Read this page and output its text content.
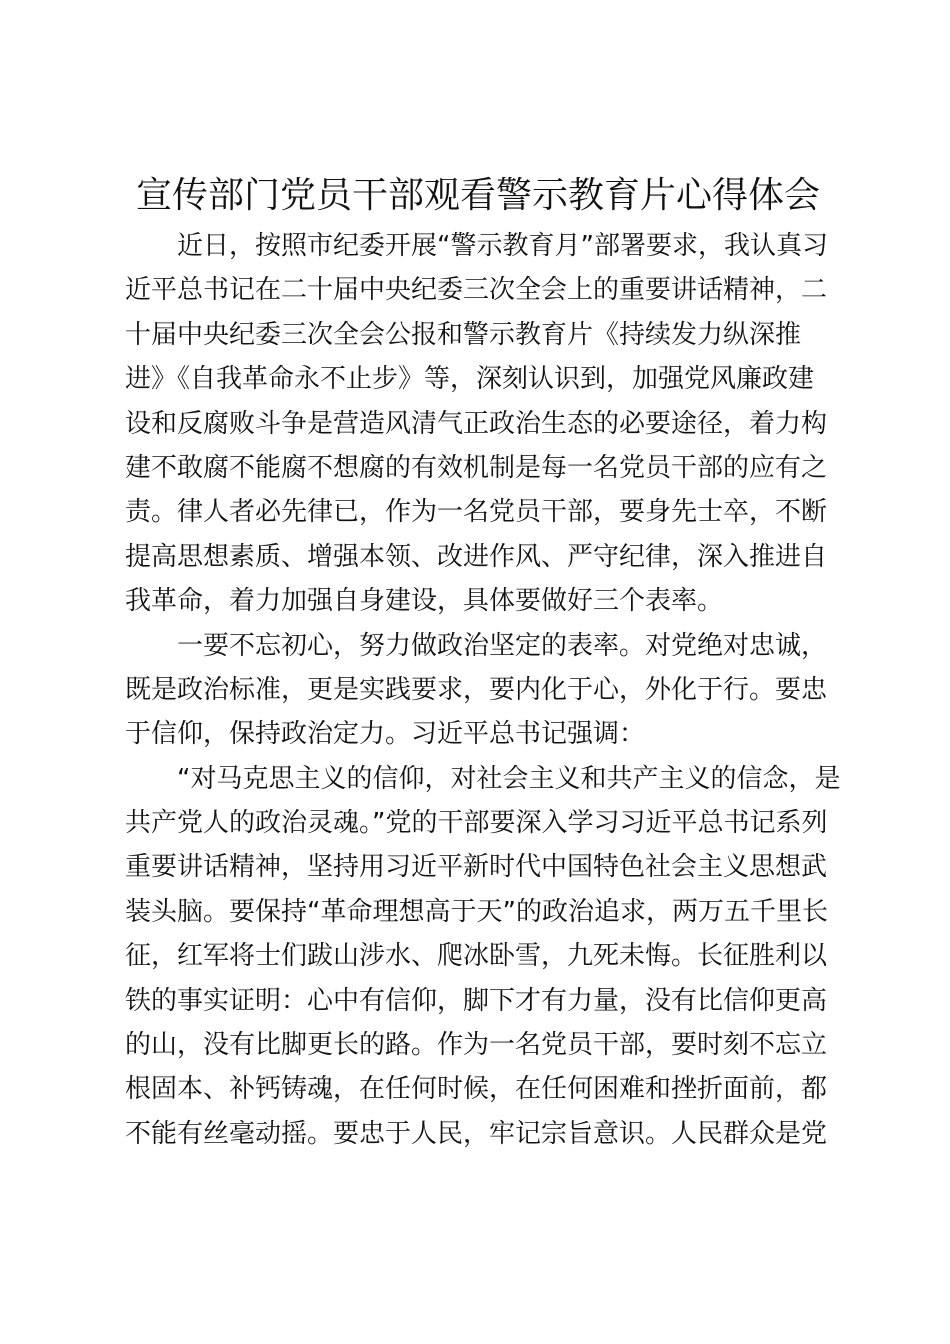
宣传部门党员干部观看警示教育片心得体会
近日，按照市纪委开展“警示教育月”部署要求，我认真习
近平总书记在二十届中央纪委三次全会上的重要讲话精神，二
十届中央纪委三次全会公报和警示教育片《持续发力纵深推
进》《自我革命永不止步》等，深刻认识到，加强党风廉政建
设和反腐败斗争是营造风清气正政治生态的必要途径，着力构
建不敢腐不能腐不想腐的有效机制是每一名党员干部的应有之
责。律人者必先律已，作为一名党员干部，要身先士卒，不断
提高思想素质、增强本领、改进作风、严守纪律，深入推进自
我革命，着力加强自身建设，具体要做好三个表率。
一要不忘初心，努力做政治坚定的表率。对党绝对忠诚，
既是政治标准，更是实践要求，要内化于心，外化于行。要忠
于信仰，保持政治定力。习近平总书记强调：
“对马克思主义的信仰，对社会主义和共产主义的信念，是
共产党人的政治灵魂。”党的干部要深入学习习近平总书记系列
重要讲话精神，坚持用习近平新时代中国特色社会主义思想武
装头脑。要保持“革命理想高于天”的政治追求，两万五千里长
征，红军将士们跋山涉水、爬冰卧雪，九死未悔。长征胜利以
铁的事实证明：心中有信仰，脚下才有力量，没有比信仰更高
的山，没有比脚更长的路。作为一名党员干部，要时刻不忘立
根固本、补钙铸魂，在任何时候，在任何困难和挫折面前，都
不能有丝毫动摇。要忠于人民，牢记宗旨意识。人民群众是党
